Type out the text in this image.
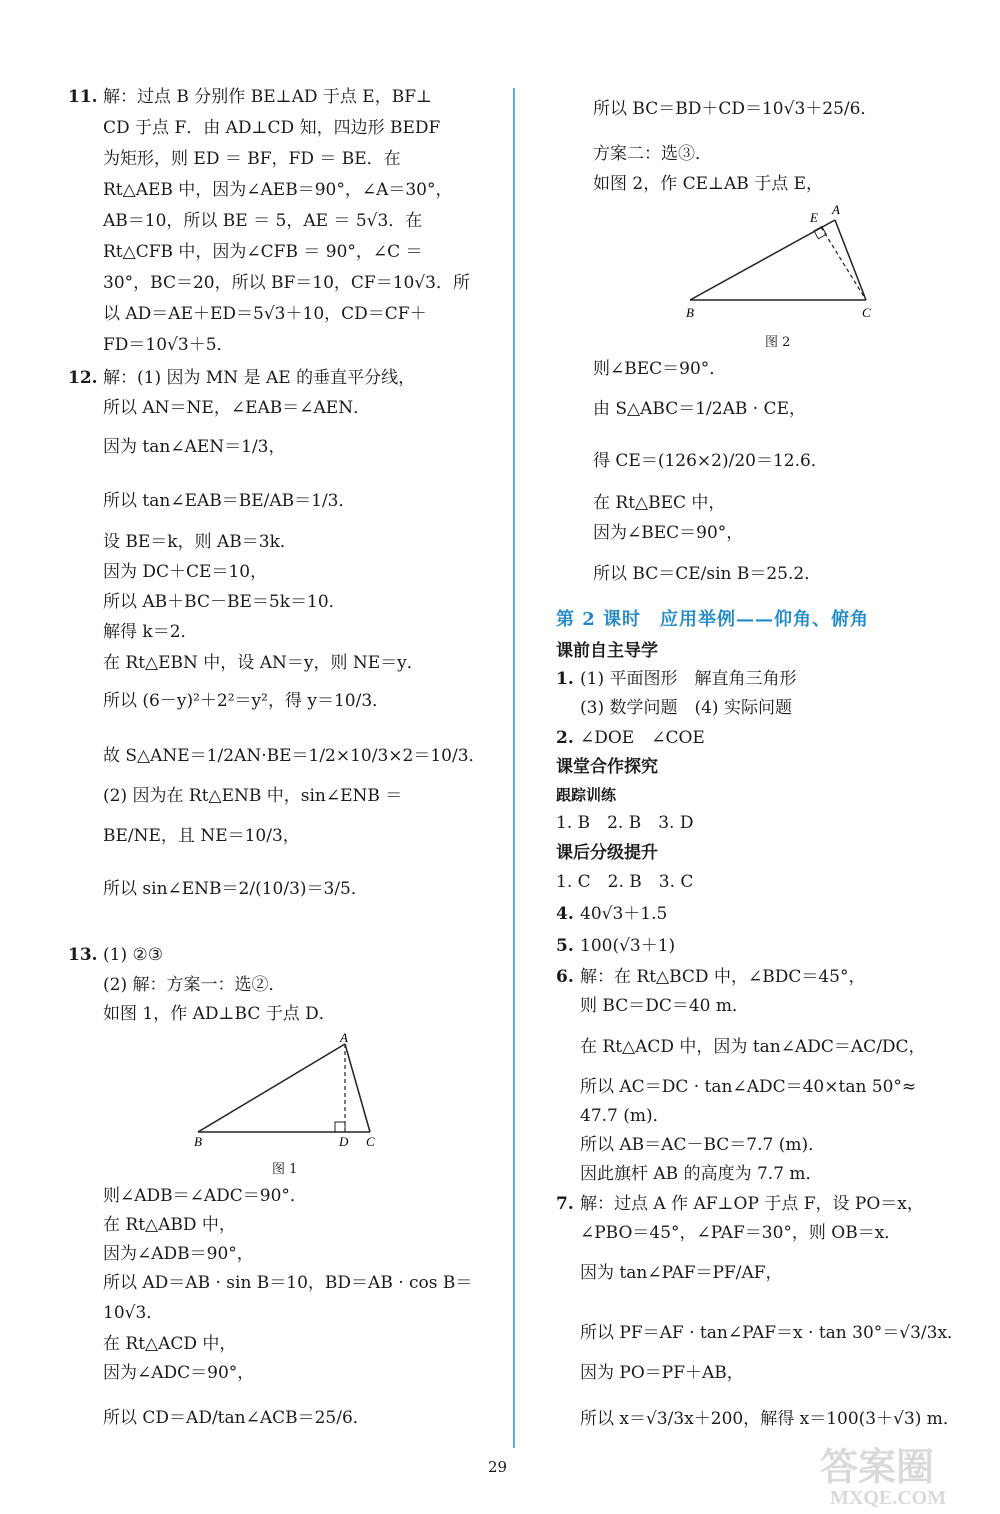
11. 解：过点 B 分别作 BE⊥AD 于点 E，BF⊥
CD 于点 F．由 AD⊥CD 知，四边形 BEDF
为矩形，则 ED ＝ BF，FD ＝ BE．在
Rt△AEB 中，因为∠AEB＝90°，∠A＝30°，
AB＝10，所以 BE ＝ 5，AE ＝ 5√3．在
Rt△CFB 中，因为∠CFB ＝ 90°，∠C ＝
30°，BC＝20，所以 BF＝10，CF＝10√3．所
以 AD＝AE＋ED＝5√3＋10，CD＝CF＋
FD＝10√3＋5．
12. 解：(1) 因为 MN 是 AE 的垂直平分线，
所以 AN＝NE，∠EAB＝∠AEN．
因为 tan∠AEN＝1/3，
所以 tan∠EAB＝BE/AB＝1/3．
设 BE＝k，则 AB＝3k．
因为 DC＋CE＝10，
所以 AB＋BC－BE＝5k＝10．
解得 k＝2．
在 Rt△EBN 中，设 AN＝y，则 NE＝y．
所以 (6－y)²＋2²＝y²，得 y＝10/3．
故 S△ANE＝1/2AN·BE＝1/2×10/3×2＝10/3．
(2) 因为在 Rt△ENB 中，sin∠ENB ＝
BE/NE，且 NE＝10/3，
所以 sin∠ENB＝2/(10/3)＝3/5．
13. (1) ②③
(2) 解：方案一：选②．
如图 1，作 AD⊥BC 于点 D．
A
B	D C
图 1
则∠ADB＝∠ADC＝90°．
在 Rt△ABD 中，
因为∠ADB＝90°，
所以 AD＝AB · sin B＝10，BD＝AB · cos B＝
10√3．
在 Rt△ACD 中，
因为∠ADC＝90°，
所以 CD＝AD/tan∠ACB＝25/6．
所以 BC＝BD＋CD＝10√3＋25/6．
方案二：选③．
如图 2，作 CE⊥AB 于点 E，
E
A
B	C
图 2
则∠BEC＝90°．
由 S△ABC＝1/2AB · CE，
得 CE＝(126×2)/20＝12.6．
在 Rt△BEC 中，
因为∠BEC＝90°，
所以 BC＝CE/sin B＝25.2．
第 2 课时　应用举例——仰角、俯角
课前自主导学
1. (1) 平面图形　解直角三角形
(3) 数学问题　(4) 实际问题
2. ∠DOE　∠COE
课堂合作探究
跟踪训练
1. B　2. B　3. D
课后分级提升
1. C　2. B　3. C
4. 40√3＋1.5
5. 100(√3＋1)
6. 解：在 Rt△BCD 中，∠BDC＝45°，
则 BC＝DC＝40 m．
在 Rt△ACD 中，因为 tan∠ADC＝AC/DC，
所以 AC＝DC · tan∠ADC＝40×tan 50°≈
47.7 (m)．
所以 AB＝AC－BC＝7.7 (m)．
因此旗杆 AB 的高度为 7.7 m．
7. 解：过点 A 作 AF⊥OP 于点 F，设 PO＝x，
∠PBO＝45°，∠PAF＝30°，则 OB＝x．
因为 tan∠PAF＝PF/AF，
所以 PF＝AF · tan∠PAF＝x · tan 30°＝√3/3x．
因为 PO＝PF＋AB，
所以 x＝√3/3x＋200，解得 x＝100(3＋√3) m．
29	答案圈
MXQE.COM
